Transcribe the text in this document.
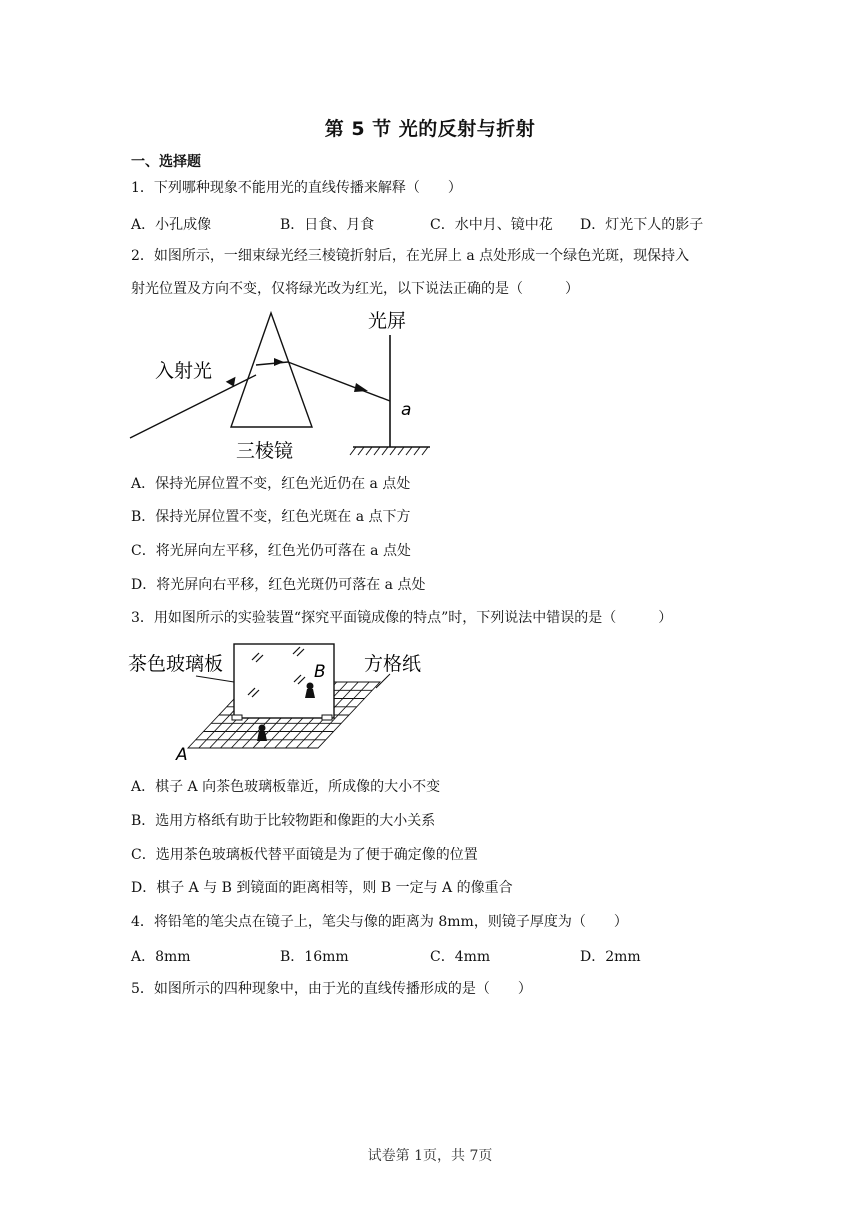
第 5 节 光的反射与折射
一、选择题
1．下列哪种现象不能用光的直线传播来解释（　　）
A．小孔成像	B．日食、月食	C．水中月、镜中花 D．灯光下人的影子
2．如图所示，一细束绿光经三棱镜折射后，在光屏上 a 点处形成一个绿色光斑，现保持入
射光位置及方向不变，仅将绿光改为红光，以下说法正确的是（　　　）
入射光
三棱镜
光屏
a
A．保持光屏位置不变，红色光近仍在 a 点处
B．保持光屏位置不变，红色光斑在 a 点下方
C．将光屏向左平移，红色光仍可落在 a 点处
D．将光屏向右平移，红色光斑仍可落在 a 点处
3．用如图所示的实验装置“探究平面镜成像的特点”时，下列说法中错误的是（　　　）
茶色玻璃板	方格纸
A
B
A．棋子 A 向茶色玻璃板靠近，所成像的大小不变
B．选用方格纸有助于比较物距和像距的大小关系
C．选用茶色玻璃板代替平面镜是为了便于确定像的位置
D．棋子 A 与 B 到镜面的距离相等，则 B 一定与 A 的像重合
4．将铅笔的笔尖点在镜子上，笔尖与像的距离为 8mm，则镜子厚度为（　　）
A．8mm	B．16mm	C．4mm	D．2mm
5．如图所示的四种现象中，由于光的直线传播形成的是（　　）
试卷第 1页，共 7页
